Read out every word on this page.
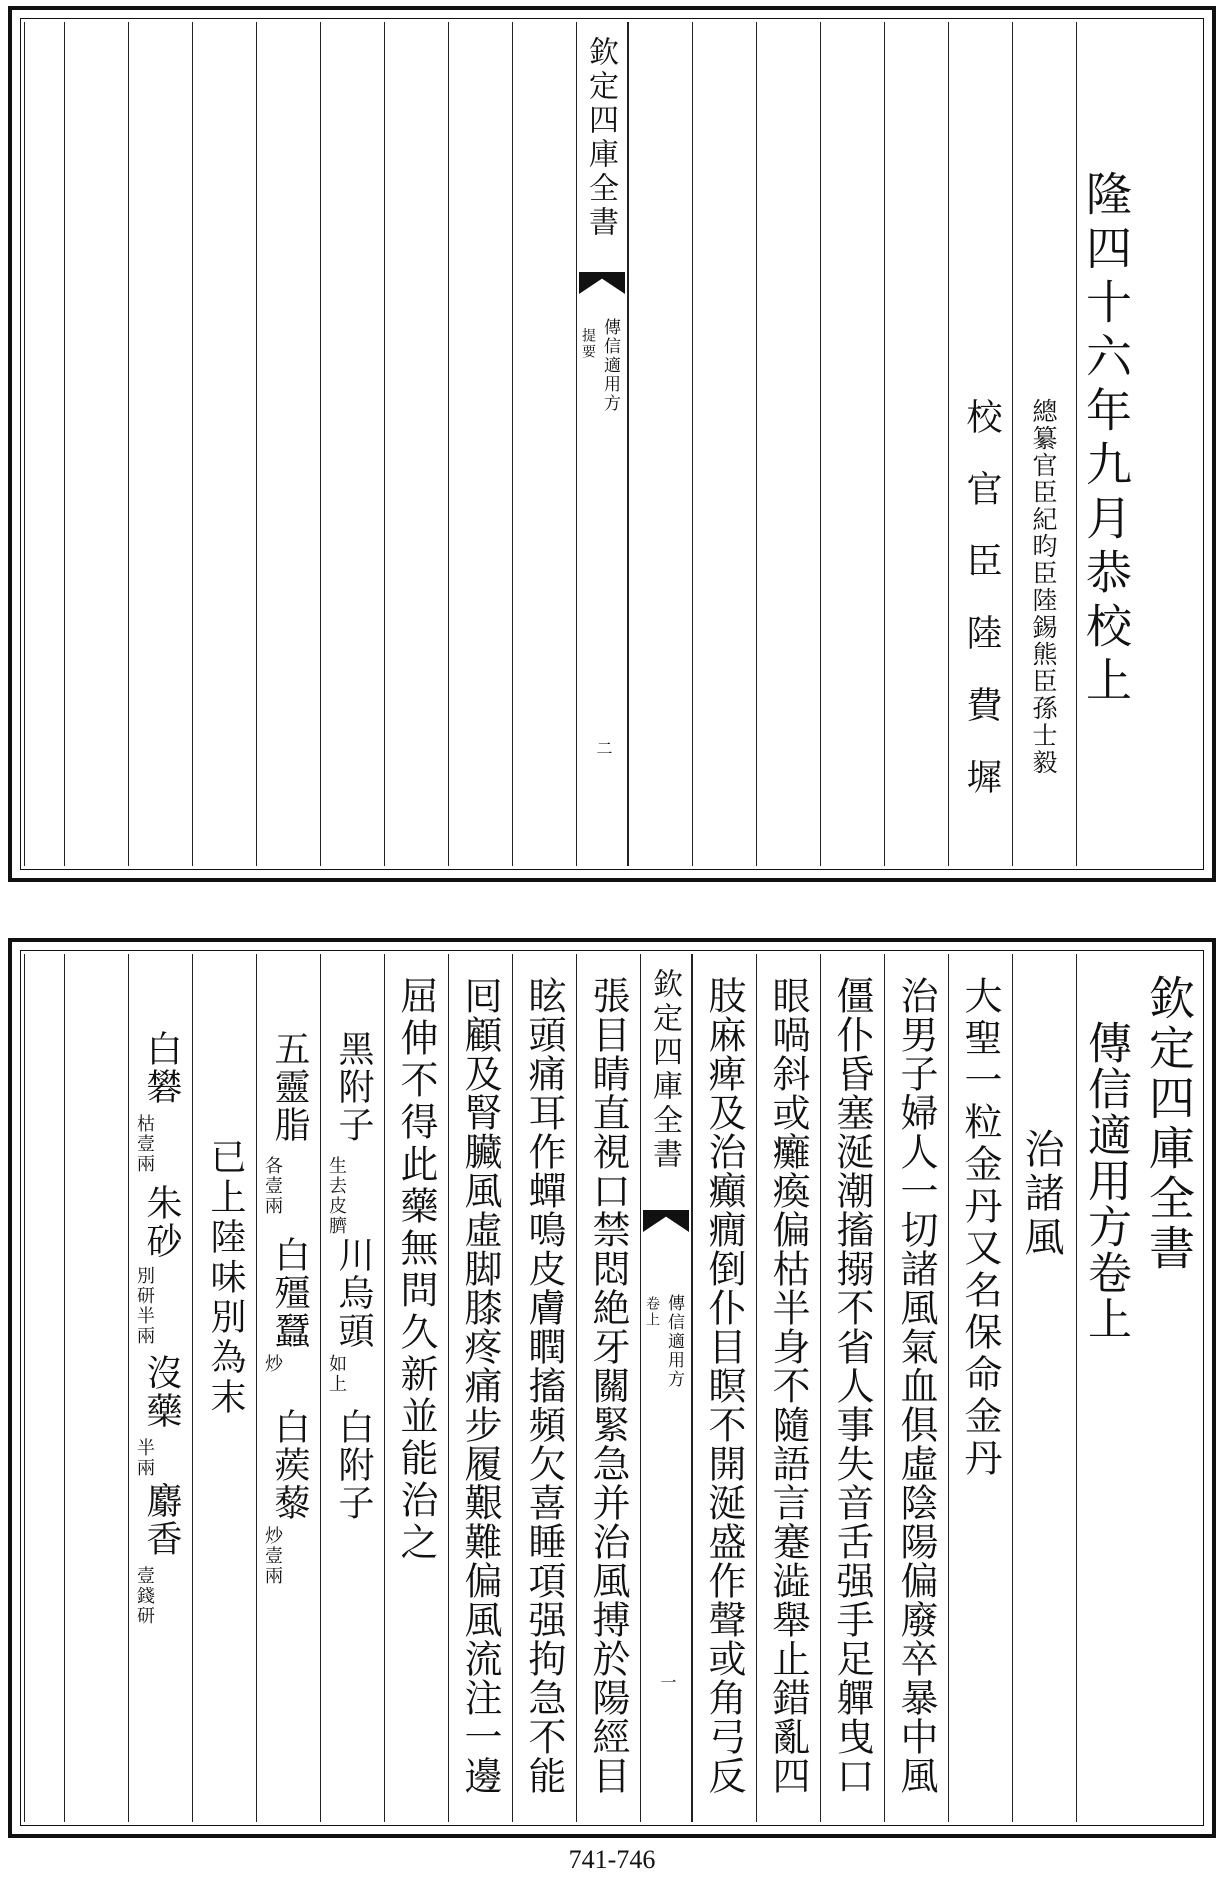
隆四十六年九月恭校上
總纂官臣紀昀臣陸錫熊臣孫士毅
校官臣陸費墀
欽定四庫全書
傳信適用方
提要
二
欽定四庫全書
傳信適用方卷上
治諸風
大聖一粒金丹又名保命金丹
治男子婦人一切諸風氣血俱虛陰陽偏廢卒暴中風
僵仆昏塞涎潮搐搦不省人事失音舌强手足軃曳口
眼喎斜或癱瘓偏枯半身不隨語言蹇澁舉止錯亂四
肢麻痺及治癲癇倒仆目瞑不開涎盛作聲或角弓反
欽定四庫全書
傳信適用方
卷上
一
張目睛直視口禁悶絶牙關緊急并治風搏於陽經目
眩頭痛耳作蟬鳴皮膚瞤搐頻欠喜睡項强拘急不能
囘顧及腎臟風虛脚膝疼痛步履艱難偏風流注一邊
屈伸不得此藥無問久新並能治之
黑附子
生去皮臍
川烏頭
如上
白附子
五靈脂
各壹兩
白殭蠶
炒
白蒺藜
炒壹兩
已上陸味別為末
白礬
枯壹兩
朱砂
別研半兩
沒藥
半兩
麝香
壹錢研
741-746
